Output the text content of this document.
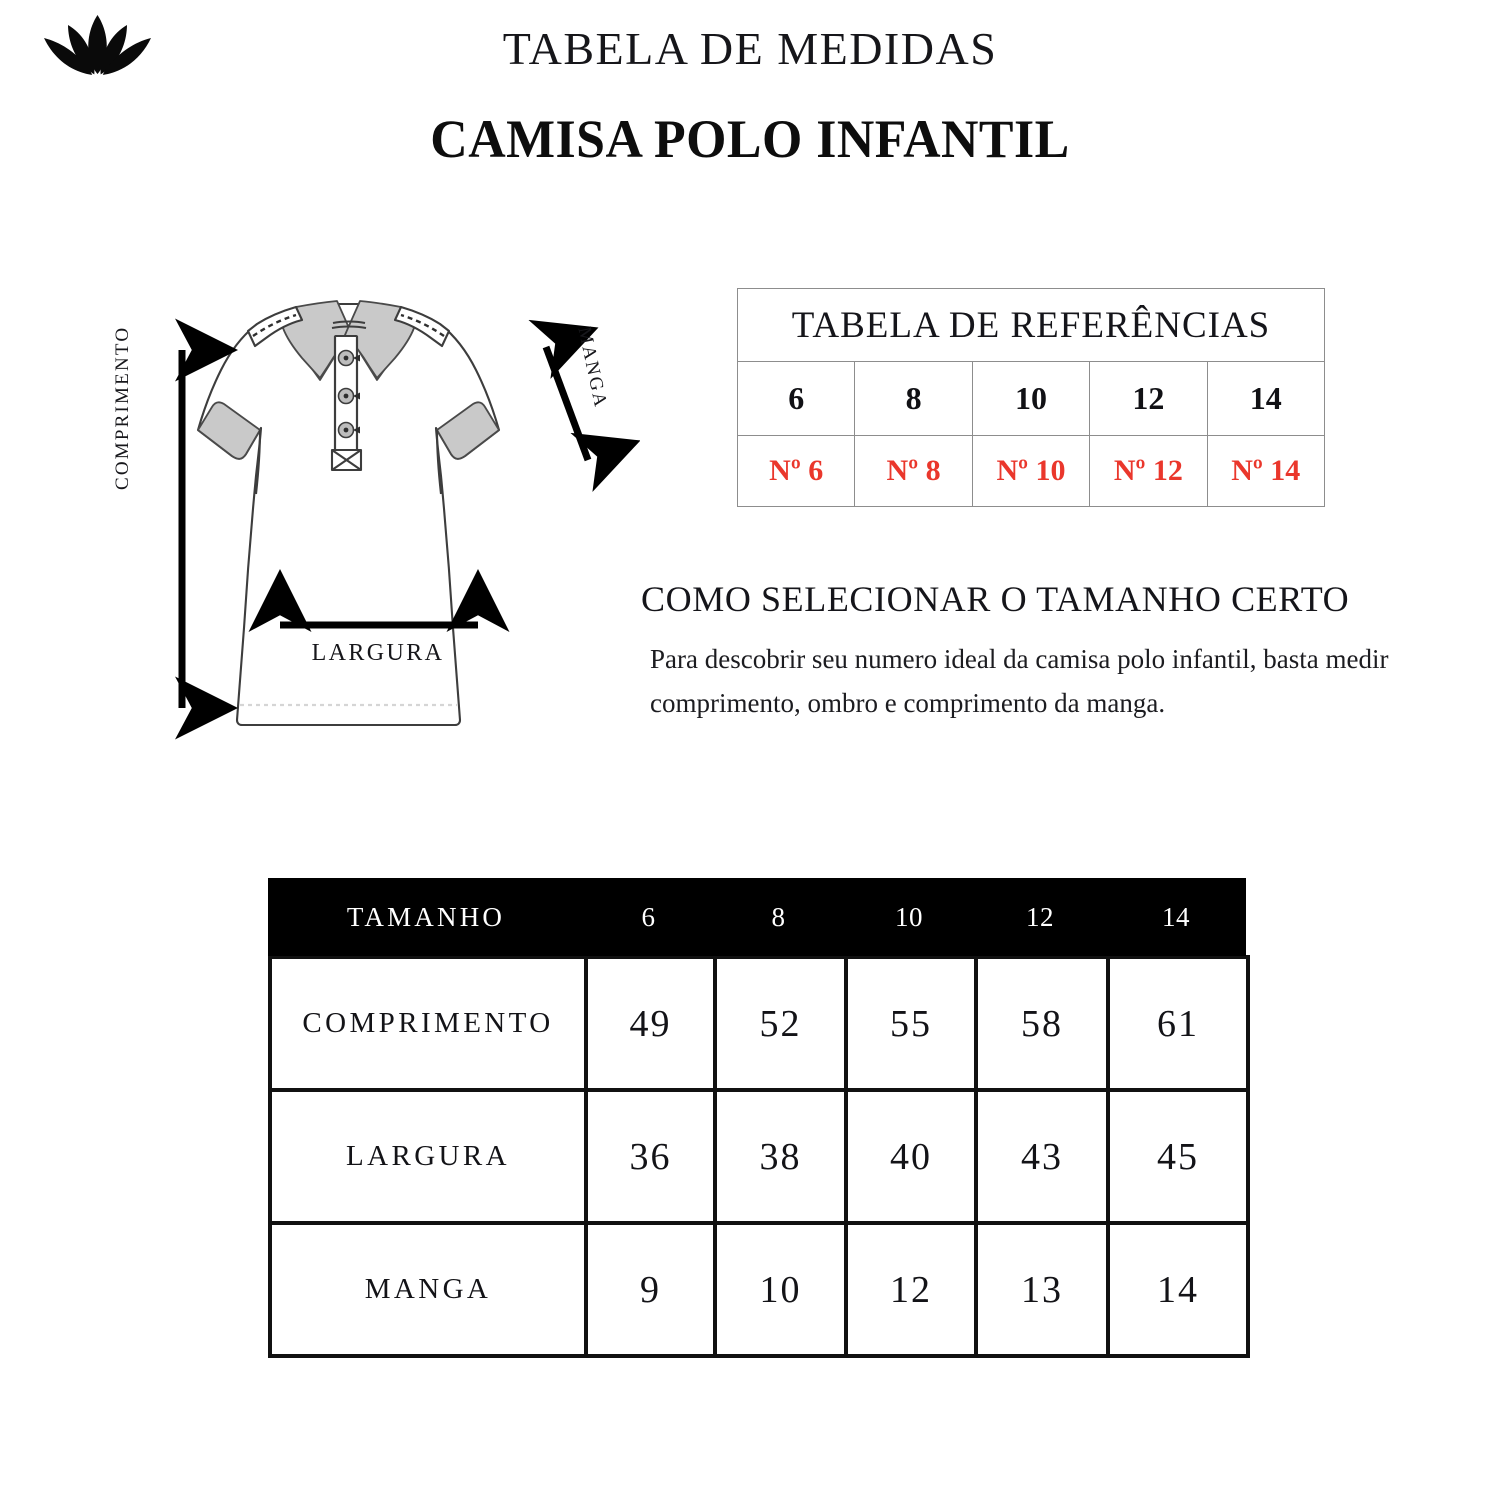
TABELA DE MEDIDAS
CAMISA POLO INFANTIL
COMPRIMENTO
LARGURA
MANGA	TABELA DE REFERÊNCIAS				
6	8	10	12	14
Nº 6	Nº 8	Nº 10	Nº 12	Nº 14
COMO SELECIONAR O TAMANHO CERTO
Para descobrir seu numero ideal da camisa polo infantil, basta medir comprimento, ombro e comprimento da manga.
TAMANHO	6	8	10	12	14
COMPRIMENTO	49	52	55	58	61
LARGURA	36	38	40	43	45
MANGA	9	10	12	13	14
